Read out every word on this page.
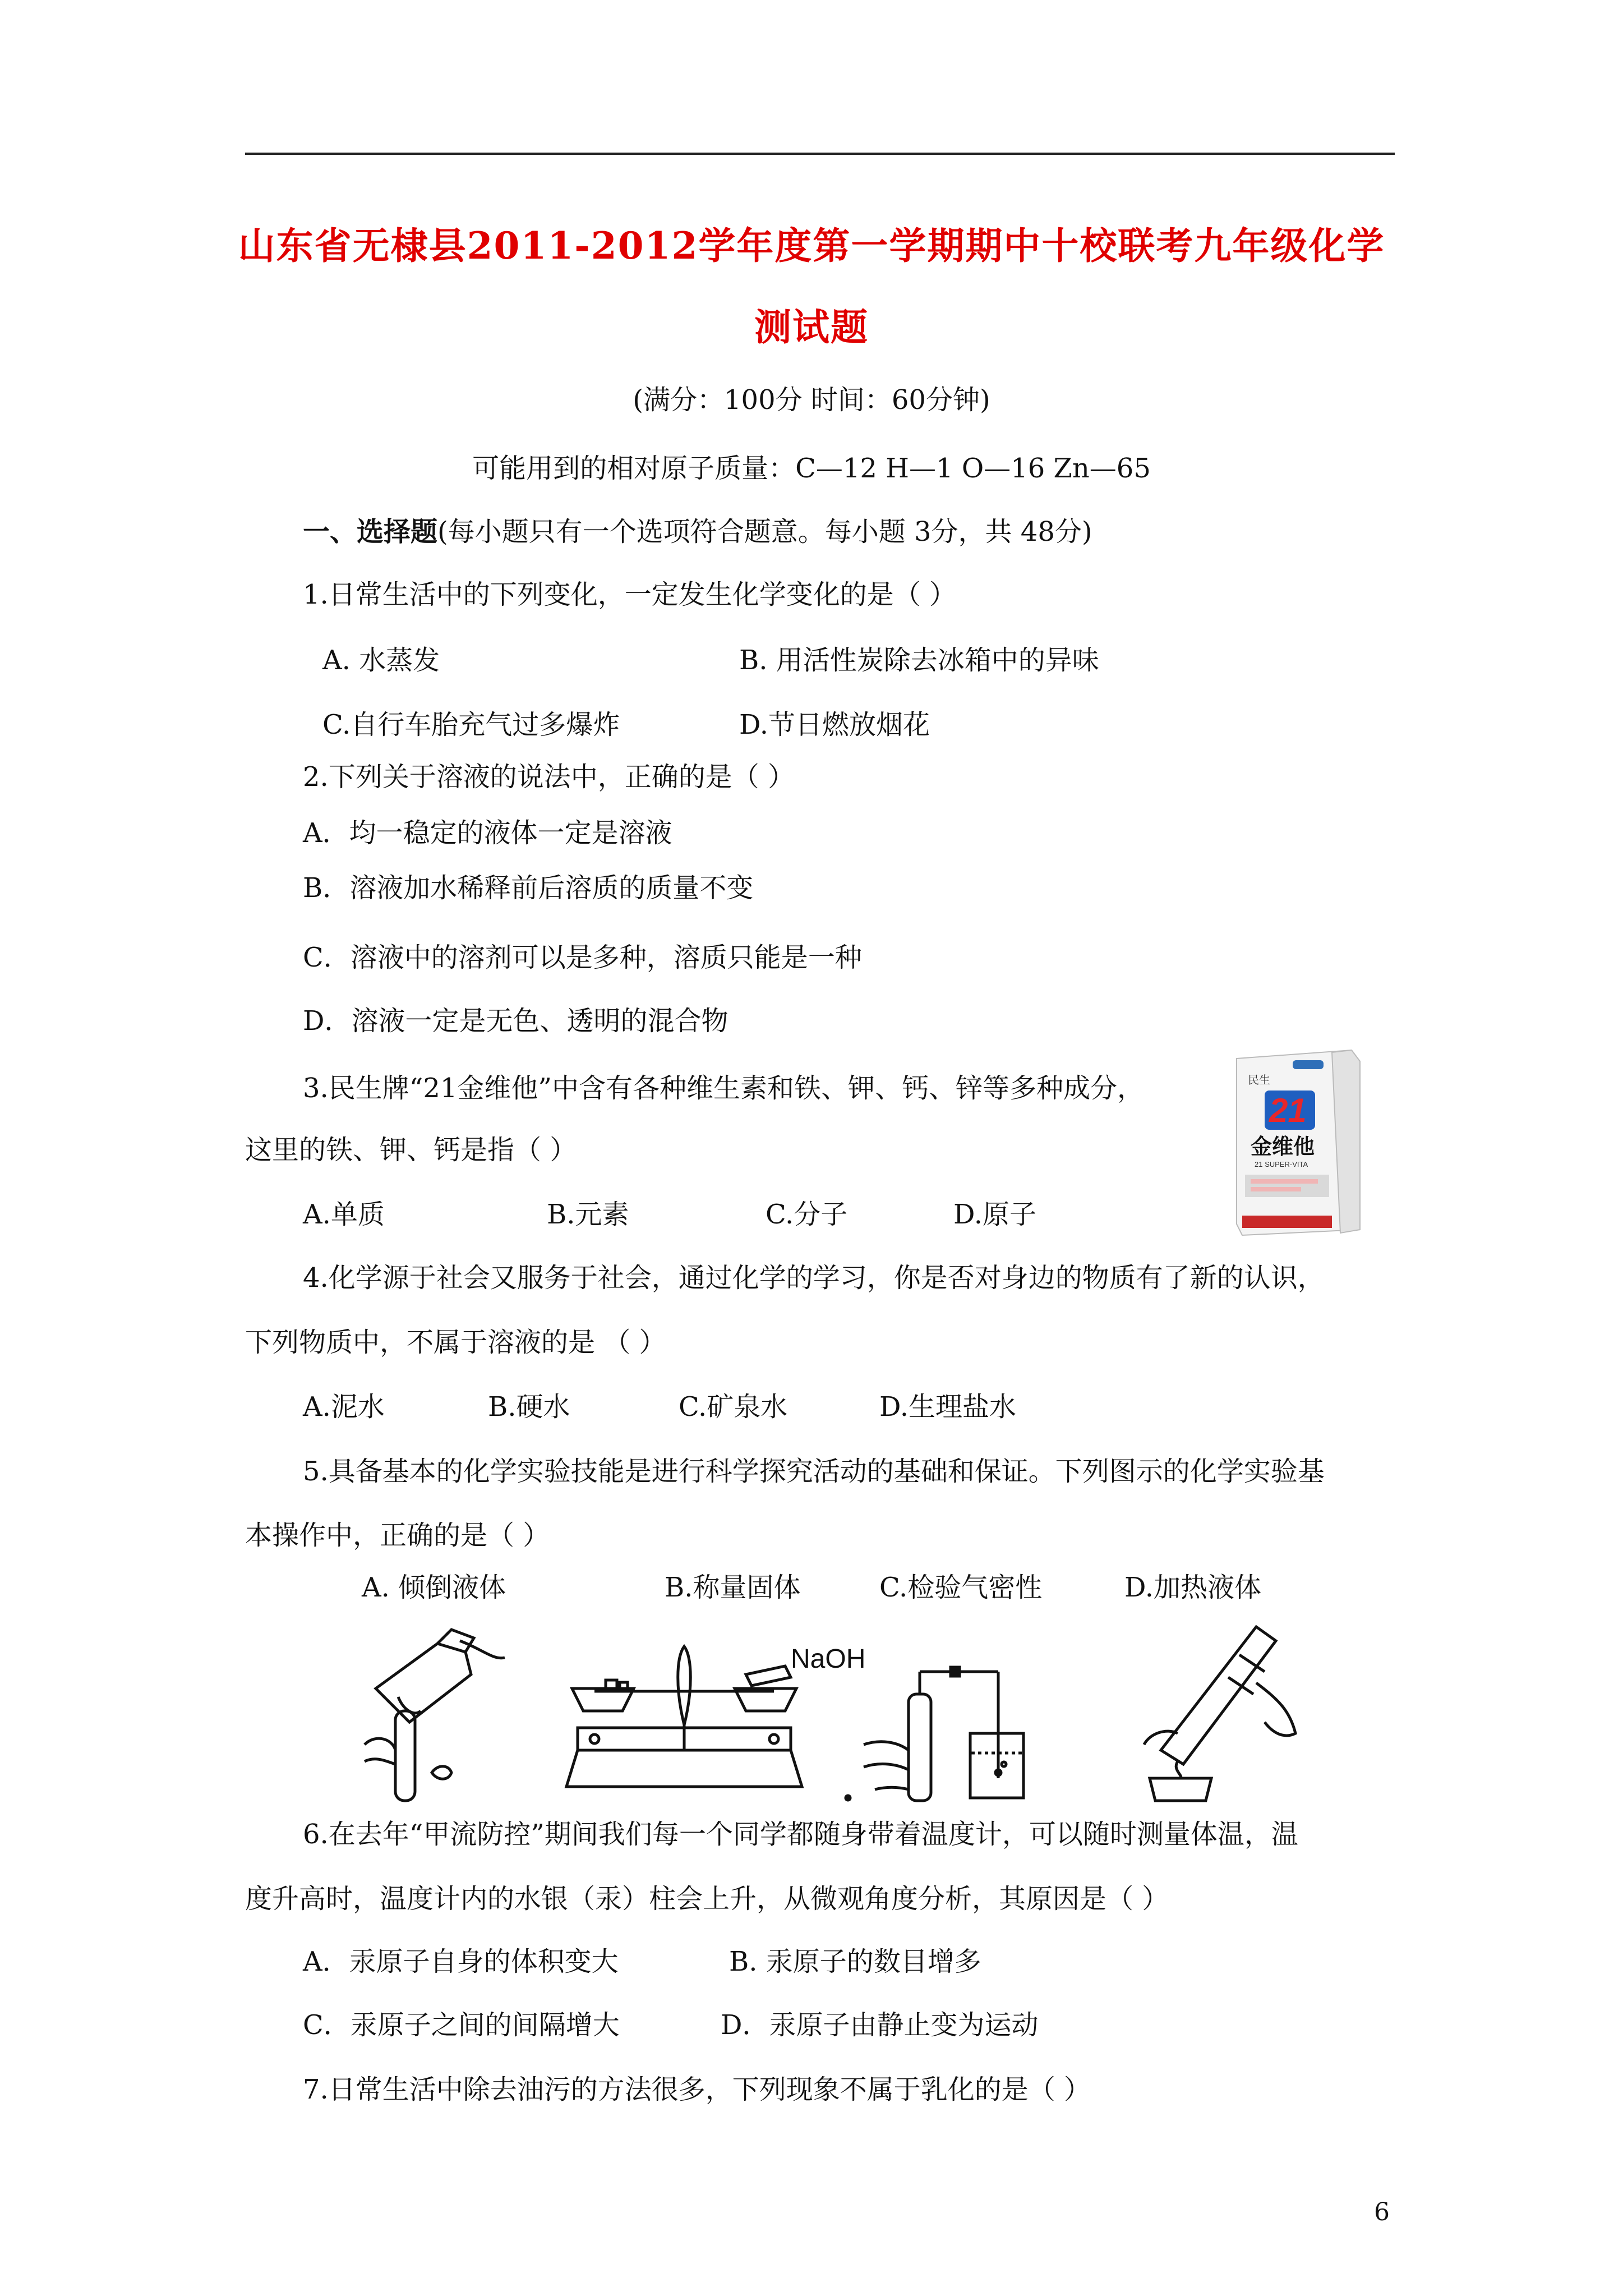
山东省无棣县2011-2012学年度第一学期期中十校联考九年级化学
测试题
(满分：100分 时间：60分钟)
可能用到的相对原子质量：C—12 H—1 O—16 Zn—65
一、选择题(每小题只有一个选项符合题意。每小题 3分，共 48分)
1.日常生活中的下列变化，一定发生化学变化的是（ ）
A. 水蒸发	B. 用活性炭除去冰箱中的异味
C.自行车胎充气过多爆炸	D.节日燃放烟花
2.下列关于溶液的说法中，正确的是（ ）
A．均一稳定的液体一定是溶液
B．溶液加水稀释前后溶质的质量不变
C．溶液中的溶剂可以是多种，溶质只能是一种
D．溶液一定是无色、透明的混合物
3.民生牌“21金维他”中含有各种维生素和铁、钾、钙、锌等多种成分，
这里的铁、钾、钙是指（ ）
A.单质	B.元素	C.分子	D.原子
民生
21
金维他
21 SUPER-VITA
4.化学源于社会又服务于社会，通过化学的学习，你是否对身边的物质有了新的认识，
下列物质中，不属于溶液的是 （ ）
A.泥水	B.硬水	C.矿泉水	D.生理盐水
5.具备基本的化学实验技能是进行科学探究活动的基础和保证。下列图示的化学实验基
本操作中，正确的是（ ）
A. 倾倒液体	B.称量固体	C.检验气密性	D.加热液体
NaOH
6.在去年“甲流防控”期间我们每一个同学都随身带着温度计，可以随时测量体温，温
度升高时，温度计内的水银（汞）柱会上升，从微观角度分析，其原因是（ ）
A．汞原子自身的体积变大	B. 汞原子的数目增多
C．汞原子之间的间隔增大	D．汞原子由静止变为运动
7.日常生活中除去油污的方法很多，下列现象不属于乳化的是（ ）
6
